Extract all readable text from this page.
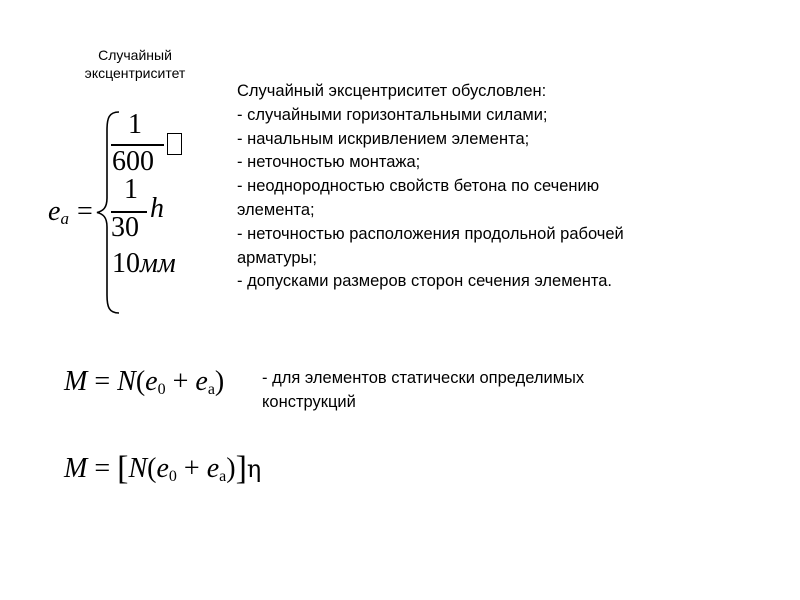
Случайный
эксцентриситет
Случайный эксцентриситет обусловлен:
- случайными горизонтальными силами;
- начальным искривлением элемента;
- неточностью монтажа;
- неоднородностью свойств бетона по сечению
элемента;
- неточностью расположения продольной рабочей
арматуры;
- допусками размеров сторон сечения элемента.
$e_a$ =
1
600
1
h
30
10мм
$M = N(e_0 + e_a)$ - для элементов статически определимых
конструкций
$M = [N(e_0 + e_a)]\eta$
